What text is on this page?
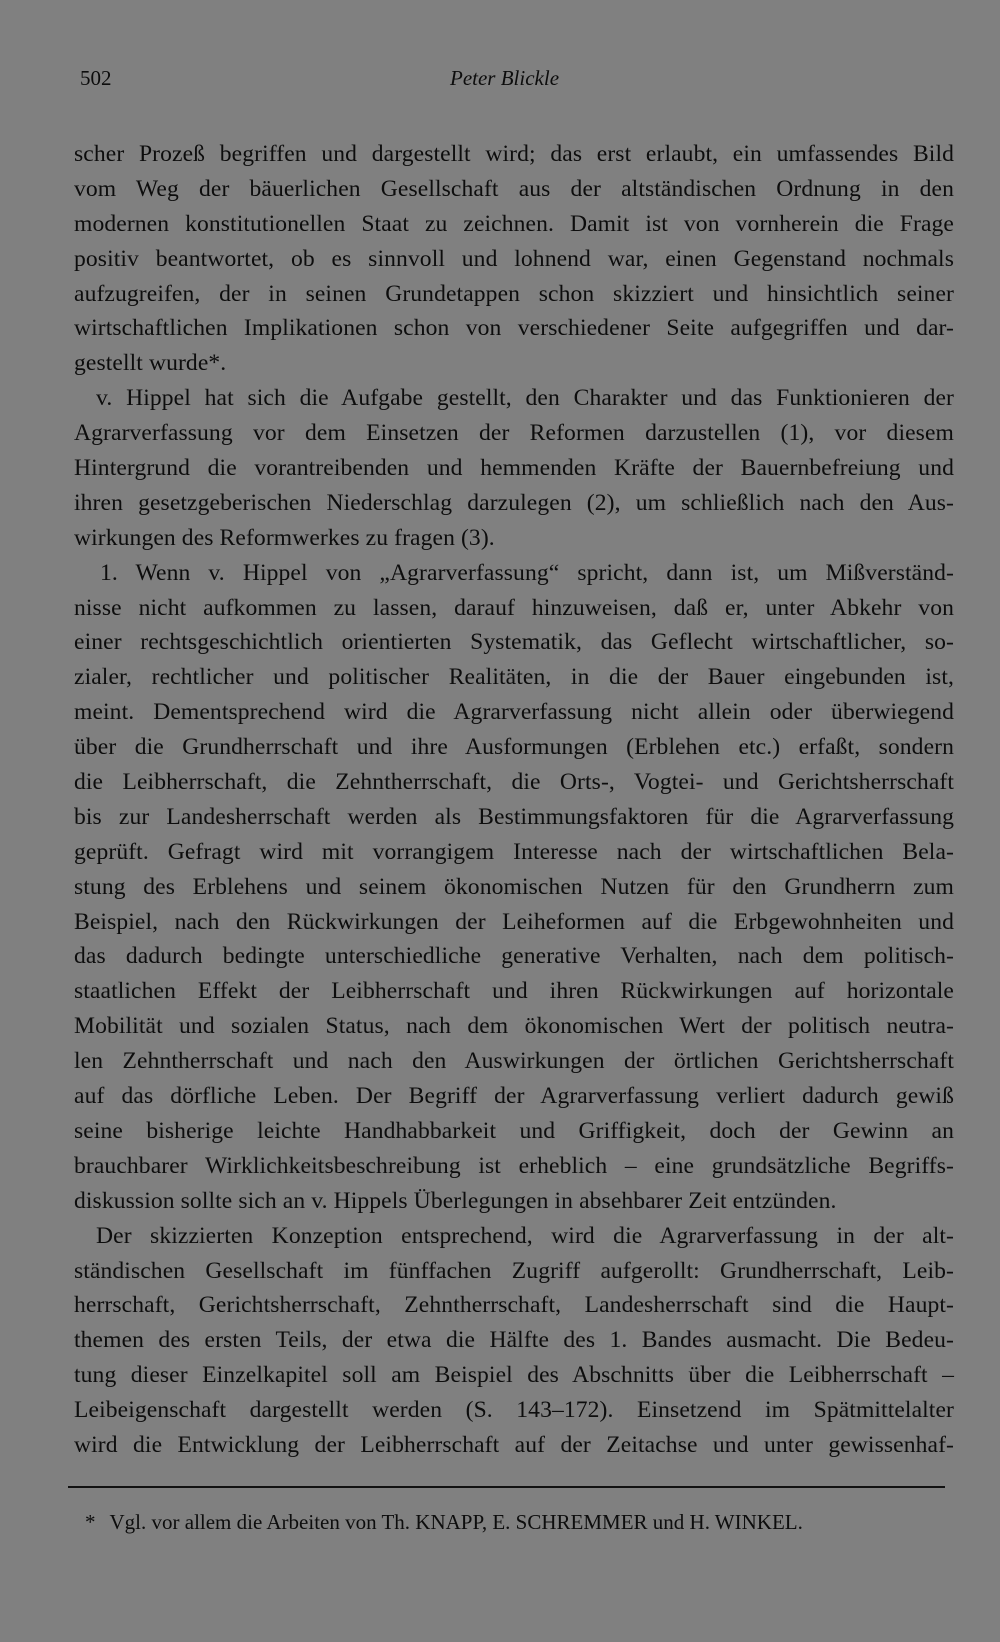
502	Peter Blickle
scher Prozeß begriffen und dargestellt wird; das erst erlaubt, ein umfassendes Bild
vom Weg der bäuerlichen Gesellschaft aus der altständischen Ordnung in den
modernen konstitutionellen Staat zu zeichnen. Damit ist von vornherein die Frage
positiv beantwortet, ob es sinnvoll und lohnend war, einen Gegenstand nochmals
aufzugreifen, der in seinen Grundetappen schon skizziert und hinsichtlich seiner
wirtschaftlichen Implikationen schon von verschiedener Seite aufgegriffen und dar-
gestellt wurde*.
v. Hippel hat sich die Aufgabe gestellt, den Charakter und das Funktionieren der
Agrarverfassung vor dem Einsetzen der Reformen darzustellen (1), vor diesem
Hintergrund die vorantreibenden und hemmenden Kräfte der Bauernbefreiung und
ihren gesetzgeberischen Niederschlag darzulegen (2), um schließlich nach den Aus-
wirkungen des Reformwerkes zu fragen (3).
1. Wenn v. Hippel von „Agrarverfassung“ spricht, dann ist, um Mißverständ-
nisse nicht aufkommen zu lassen, darauf hinzuweisen, daß er, unter Abkehr von
einer rechtsgeschichtlich orientierten Systematik, das Geflecht wirtschaftlicher, so-
zialer, rechtlicher und politischer Realitäten, in die der Bauer eingebunden ist,
meint. Dementsprechend wird die Agrarverfassung nicht allein oder überwiegend
über die Grundherrschaft und ihre Ausformungen (Erblehen etc.) erfaßt, sondern
die Leibherrschaft, die Zehntherrschaft, die Orts-, Vogtei- und Gerichtsherrschaft
bis zur Landesherrschaft werden als Bestimmungsfaktoren für die Agrarverfassung
geprüft. Gefragt wird mit vorrangigem Interesse nach der wirtschaftlichen Bela-
stung des Erblehens und seinem ökonomischen Nutzen für den Grundherrn zum
Beispiel, nach den Rückwirkungen der Leiheformen auf die Erbgewohnheiten und
das dadurch bedingte unterschiedliche generative Verhalten, nach dem politisch-
staatlichen Effekt der Leibherrschaft und ihren Rückwirkungen auf horizontale
Mobilität und sozialen Status, nach dem ökonomischen Wert der politisch neutra-
len Zehntherrschaft und nach den Auswirkungen der örtlichen Gerichtsherrschaft
auf das dörfliche Leben. Der Begriff der Agrarverfassung verliert dadurch gewiß
seine bisherige leichte Handhabbarkeit und Griffigkeit, doch der Gewinn an
brauchbarer Wirklichkeitsbeschreibung ist erheblich – eine grundsätzliche Begriffs-
diskussion sollte sich an v. Hippels Überlegungen in absehbarer Zeit entzünden.
Der skizzierten Konzeption entsprechend, wird die Agrarverfassung in der alt-
ständischen Gesellschaft im fünffachen Zugriff aufgerollt: Grundherrschaft, Leib-
herrschaft, Gerichtsherrschaft, Zehntherrschaft, Landesherrschaft sind die Haupt-
themen des ersten Teils, der etwa die Hälfte des 1. Bandes ausmacht. Die Bedeu-
tung dieser Einzelkapitel soll am Beispiel des Abschnitts über die Leibherrschaft –
Leibeigenschaft dargestellt werden (S. 143–172). Einsetzend im Spätmittelalter
wird die Entwicklung der Leibherrschaft auf der Zeitachse und unter gewissenhaf-
* Vgl. vor allem die Arbeiten von Th. KNAPP, E. SCHREMMER und H. WINKEL.
